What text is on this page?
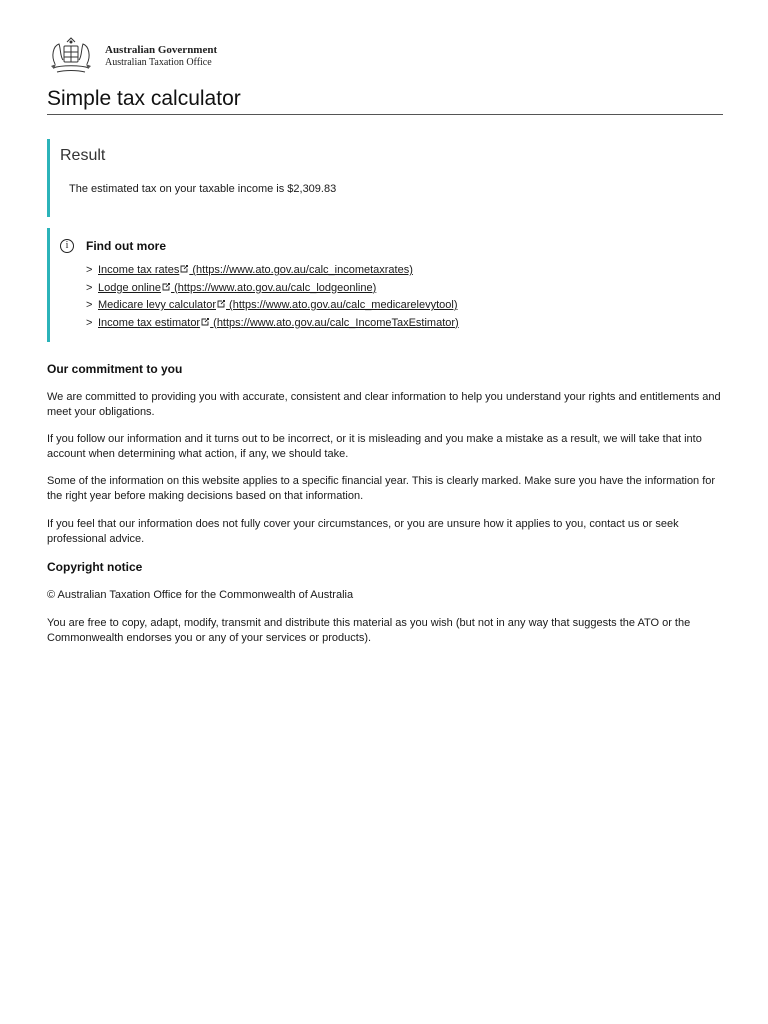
Australian Government
Australian Taxation Office
Simple tax calculator
Result
The estimated tax on your taxable income is $2,309.83
i	Find out more
> Income tax rates (https://www.ato.gov.au/calc_incometaxrates)
> Lodge online (https://www.ato.gov.au/calc_lodgeonline)
> Medicare levy calculator (https://www.ato.gov.au/calc_medicarelevytool)
> Income tax estimator (https://www.ato.gov.au/calc_IncomeTaxEstimator)
Our commitment to you

We are committed to providing you with accurate, consistent and clear information to help you understand your rights and entitlements and meet your obligations.

If you follow our information and it turns out to be incorrect, or it is misleading and you make a mistake as a result, we will take that into account when determining what action, if any, we should take.

Some of the information on this website applies to a specific financial year. This is clearly marked. Make sure you have the information for the right year before making decisions based on that information.

If you feel that our information does not fully cover your circumstances, or you are unsure how it applies to you, contact us or seek professional advice.

Copyright notice

© Australian Taxation Office for the Commonwealth of Australia

You are free to copy, adapt, modify, transmit and distribute this material as you wish (but not in any way that suggests the ATO or the Commonwealth endorses you or any of your services or products).
